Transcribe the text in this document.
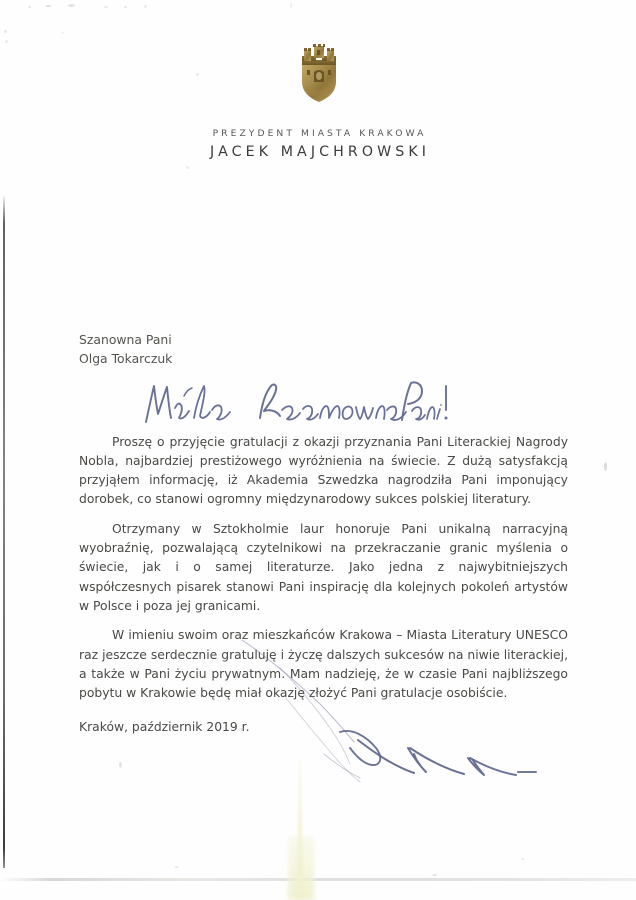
PREZYDENT MIASTA KRAKOWA
JACEK MAJCHROWSKI
Szanowna Pani
Olga Tokarczuk

Proszę o przyjęcie gratulacji z okazji przyznania Pani Literackiej Nagrody Nobla, najbardziej prestiżowego wyróżnienia na świecie. Z dużą satysfakcją przyjąłem informację, iż Akademia Szwedzka nagrodziła Pani imponujący dorobek, co stanowi ogromny międzynarodowy sukces polskiej literatury.

Otrzymany w Sztokholmie laur honoruje Pani unikalną narracyjną wyobraźnię, pozwalającą czytelnikowi na przekraczanie granic myślenia o świecie, jak i o samej literaturze. Jako jedna z najwybitniejszych współczesnych pisarek stanowi Pani inspirację dla kolejnych pokoleń artystów w Polsce i poza jej granicami.

W imieniu swoim oraz mieszkańców Krakowa – Miasta Literatury UNESCO raz jeszcze serdecznie gratuluję i życzę dalszych sukcesów na niwie literackiej, a także w Pani życiu prywatnym. Mam nadzieję, że w czasie Pani najbliższego pobytu w Krakowie będę miał okazję złożyć Pani gratulacje osobiście.

Kraków, październik 2019 r.
